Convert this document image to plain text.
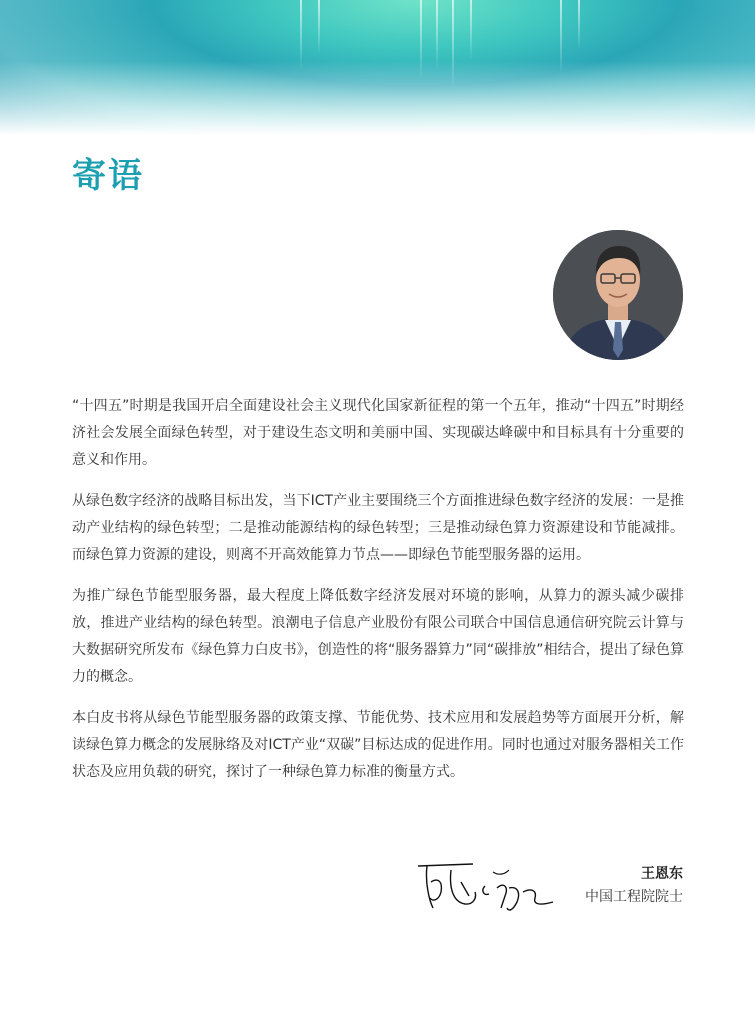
寄语

“十四五”时期是我国开启全面建设社会主义现代化国家新征程的第一个五年，推动“十四五”时期经济社会发展全面绿色转型，对于建设生态文明和美丽中国、实现碳达峰碳中和目标具有十分重要的意义和作用。

从绿色数字经济的战略目标出发，当下ICT产业主要围绕三个方面推进绿色数字经济的发展：一是推动产业结构的绿色转型；二是推动能源结构的绿色转型；三是推动绿色算力资源建设和节能减排。而绿色算力资源的建设，则离不开高效能算力节点——即绿色节能型服务器的运用。

为推广绿色节能型服务器，最大程度上降低数字经济发展对环境的影响，从算力的源头减少碳排放，推进产业结构的绿色转型。浪潮电子信息产业股份有限公司联合中国信息通信研究院云计算与大数据研究所发布《绿色算力白皮书》，创造性的将“服务器算力”同“碳排放”相结合，提出了绿色算力的概念。

本白皮书将从绿色节能型服务器的政策支撑、节能优势、技术应用和发展趋势等方面展开分析，解读绿色算力概念的发展脉络及对ICT产业“双碳”目标达成的促进作用。同时也通过对服务器相关工作状态及应用负载的研究，探讨了一种绿色算力标准的衡量方式。

王恩东
中国工程院院士
